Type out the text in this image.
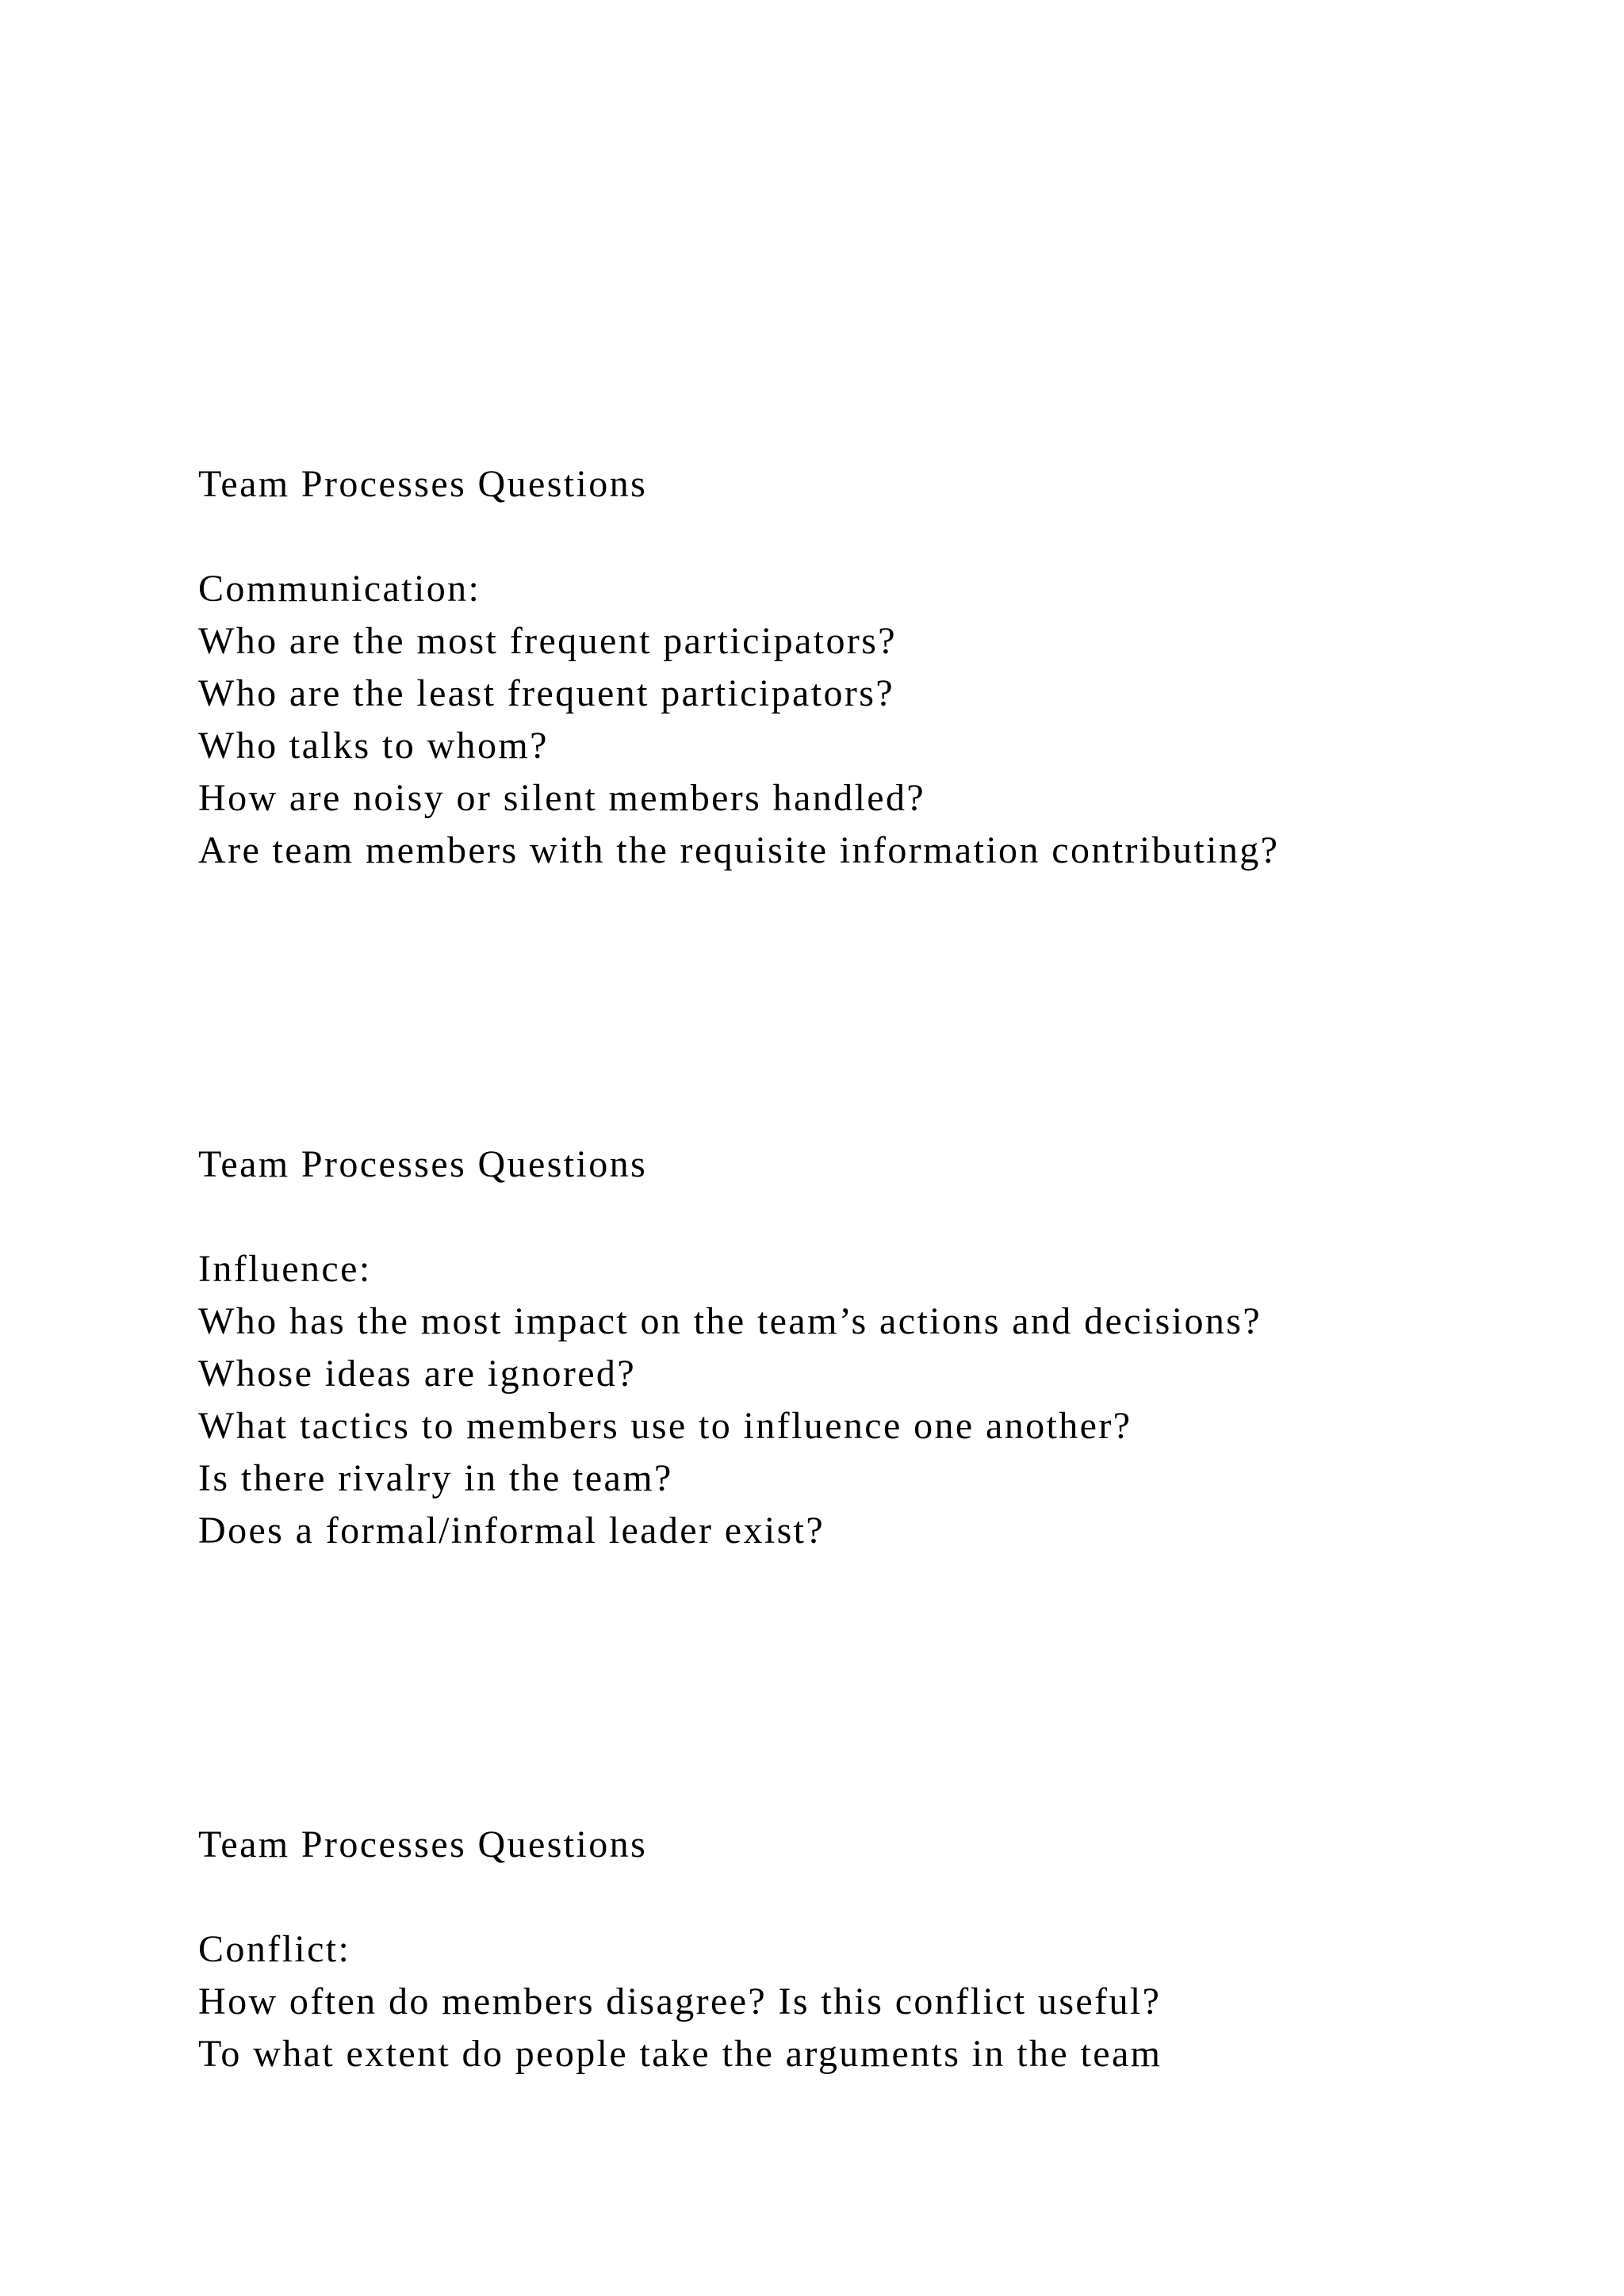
Team Processes Questions
Communication:
Who are the most frequent participators?
Who are the least frequent participators?
Who talks to whom?
How are noisy or silent members handled?
Are team members with the requisite information contributing?
Team Processes Questions
Influence:
Who has the most impact on the team’s actions and decisions?
Whose ideas are ignored?
What tactics to members use to influence one another?
Is there rivalry in the team?
Does a formal/informal leader exist?
Team Processes Questions
Conflict:
How often do members disagree? Is this conflict useful?
To what extent do people take the arguments in the team
